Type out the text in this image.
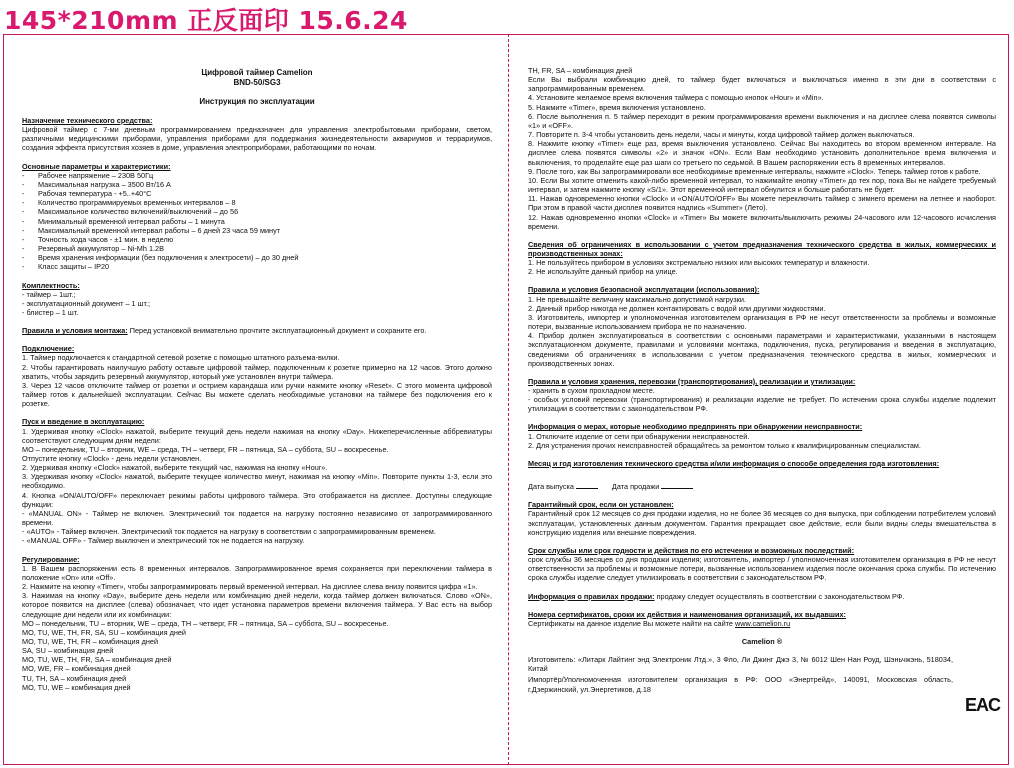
145*210mm 正反面印 15.6.24
Цифровой таймер Camelion
BND-50/SG3
Инструкция по эксплуатации
Назначение технического средства:
Цифровой таймер с 7-ми дневным программированием предназначен для управления электробытовыми приборами, светом, различными медицинскими приборами, управления приборами для поддержания жизнедеятельности аквариумов и террариумов, создания эффекта присутствия хозяев в доме, управления электроприборами, работающими по ночам.
Основные параметры и характеристики:
-	Рабочее напряжение – 230В 50Гц
-	Максимальная нагрузка – 3500 Вт/16 А
-	Рабочая температура - +5..+40°С
-	Количество программируемых временных интервалов – 8
-	Максимальное количество включений/выключений – до 56
-	Минимальный временной интервал работы – 1 минута
-	Максимальный временной интервал работы – 6 дней 23 часа 59 минут
-	Точность хода часов - ±1 мин. в неделю
-	Резервный аккумулятор – Ni-Mh 1.2В
-	Время хранения информации (без подключения к электросети) – до 30 дней
-	Класс защиты – IP20
Комплектность:
- таймер – 1шт.;
- эксплуатационный документ – 1 шт.;
- блистер – 1 шт.
Правила и условия монтажа: Перед установкой внимательно прочтите эксплуатационный документ и сохраните его.
Подключение:
1. Таймер подключается к стандартной сетевой розетке с помощью штатного разъема-вилки.
2. Чтобы гарантировать наилучшую работу оставьте цифровой таймер, подключенным к розетке примерно на 12 часов. Этого должно хватить, чтобы зарядить резервный аккумулятор, который уже установлен внутри таймера.
3. Через 12 часов отключите таймер от розетки и острием карандаша или ручки нажмите кнопку «Reset». С этого момента цифровой таймер готов к дальнейшей эксплуатации. Сейчас Вы можете сделать необходимые установки на таймере без подключения его к розетке.
Пуск и введение в эксплуатацию:
1. Удерживая кнопку «Clock» нажатой, выберите текущий день недели нажимая на кнопку «Day». Нижеперечисленные аббревиатуры соответствуют следующим дням недели:
MO – понедельник, TU – вторник, WE – среда, TH – четверг, FR – пятница, SA – суббота, SU – воскресенье.
Отпустите кнопку «Clock» - день недели установлен.
2. Удерживая кнопку «Clock» нажатой, выберите текущий час, нажимая на кнопку «Hour».
3. Удерживая кнопку «Clock» нажатой, выберите текущее количество минут, нажимая на кнопку «Min». Повторите пункты 1-3, если это необходимо.
4. Кнопка «ON/AUTO/OFF» переключает режимы работы цифрового таймера. Это отображается на дисплее. Доступны следующие функции:
- «MANUAL ON» - Таймер не включен. Электрический ток подается на нагрузку постоянно независимо от запрограммированного времени.
- «AUTO» - Таймер включен. Электрический ток подается на нагрузку в соответствии с запрограммированным временем.
- «MANUAL OFF» - Таймер выключен и электрический ток не подается на нагрузку.
Регулирование:
1. В Вашем распоряжении есть 8 временных интервалов. Запрограммированное время сохраняется при переключении таймера в положение «On» или «Off».
2. Нажмите на кнопку «Timer», чтобы запрограммировать первый временной интервал. На дисплее слева внизу появится цифра «1».
3. Нажимая на кнопку «Day», выберите день недели или комбинацию дней недели, когда таймер должен включаться. Слово «ON», которое появится на дисплее (слева) обозначает, что идет установка параметров времени включения таймера. У Вас есть на выбор следующие дни недели или их комбинации:
MO – понедельник, TU – вторник, WE – среда, TH – четверг, FR – пятница, SA – суббота, SU – воскресенье.
MO, TU, WE, TH, FR, SA, SU – комбинация дней
MO, TU, WE, TH, FR – комбинация дней
SA, SU – комбинация дней
MO, TU, WE, TH, FR, SA – комбинация дней
MO, WE, FR – комбинация дней
TU, TH, SA – комбинация дней
MO, TU, WE – комбинация дней
TH, FR, SA – комбинация дней
Если Вы выбрали комбинацию дней, то таймер будет включаться и выключаться именно в эти дни в соответствии с запрограммированным временем.
4. Установите желаемое время включения таймера с помощью кнопок «Hour» и «Min».
5. Нажмите «Timer», время включения установлено.
6. После выполнения п. 5 таймер переходит в режим программирования времени выключения и на дисплее слева появятся символы «1» и «OFF».
7. Повторите п. 3-4 чтобы установить день недели, часы и минуты, когда цифровой таймер должен выключаться.
8. Нажмите кнопку «Timer» еще раз, время выключения установлено. Сейчас Вы находитесь во втором временном интервале. На дисплее слева появятся символы «2» и значок «ON». Если Вам необходимо установить дополнительное время включения и выключения, то проделайте еще раз шаги со третьего по седьмой. В Вашем распоряжении есть 8 временных интервалов.
9. После того, как Вы запрограммировали все необходимые временные интервалы, нажмите «Clock». Теперь таймер готов к работе.
10. Если Вы хотите отменить какой-либо временной интервал, то нажимайте кнопку «Timer» до тех пор, пока Вы не найдете требуемый интервал, и затем нажмите кнопку «S/1». Этот временной интервал обнулится и больше работать не будет.
11. Нажав одновременно кнопки «Clock» и «ON/AUTO/OFF» Вы можете переключить таймер с зимнего времени на летнее и наоборот. При этом в правой части дисплея появится надпись «Summer» (Лето).
12. Нажав одновременно кнопки «Clock» и «Timer» Вы можете включить/выключить режимы 24-часового или 12-часового исчисления времени.
Сведения об ограничениях в использовании с учетом предназначения технического средства в жилых, коммерческих и производственных зонах:
1. Не пользуйтесь прибором в условиях экстремально низких или высоких температур и влажности.
2. Не используйте данный прибор на улице.
Правила и условия безопасной эксплуатации (использования):
1. Не превышайте величину максимально допустимой нагрузки.
2. Данный прибор никогда не должен контактировать с водой или другими жидкостями.
3. Изготовитель, импортер и уполномоченная изготовителем организация в РФ не несут ответственности за проблемы и возможные потери, вызванные использованием прибора не по назначению.
4. Прибор должен эксплуатироваться в соответствии с основными параметрами и характеристиками, указанными в настоящем эксплуатационном документе, правилами и условиями монтажа, подключения, пуска, регулирования и введения в эксплуатацию, сведениями об ограничениях в использовании с учетом предназначения технического средства в жилых, коммерческих и производственных зонах.
Правила и условия хранения, перевозки (транспортирования), реализации и утилизации:
- хранить в сухом прохладном месте.
- особых условий перевозки (транспортирования) и реализации изделие не требует. По истечении срока службы изделие подлежит утилизации в соответствии с законодательством РФ.
Информация о мерах, которые необходимо предпринять при обнаружении неисправности:
1. Отключите изделие от сети при обнаружении неисправностей.
2. Для устранения прочих неисправностей обращайтесь за ремонтом только к квалифицированным специалистам.
Месяц и год изготовления технического средства и/или информация о способе определения года изготовления:
Дата выпуска	Дата продажи
Гарантийный срок, если он установлен:
Гарантийный срок 12 месяцев со дня продажи изделия, но не более 36 месяцев со дня выпуска, при соблюдении потребителем условий эксплуатации, установленных данным документом. Гарантия прекращает свое действие, если были видны следы вмешательства в конструкцию изделия или внешние повреждения.
Срок службы или срок годности и действия по его истечении и возможных последствий:
срок службы 36 месяцев со дня продажи изделия; изготовитель, импортер / уполномоченная изготовителем организация в РФ не несут ответственности за проблемы и возможные потери, вызванные использованием изделия после окончания срока службы. По истечению срока службы изделие следует утилизировать в соответствии с законодательством РФ.
Информация о правилах продажи: продажу следует осуществлять в соответствии с законодательством РФ.
Номера сертификатов, сроки их действия и наименования организаций, их выдавших:
Сертификаты на данное изделие Вы можете найти на сайте www.camelion.ru
Camelion ®
Изготовитель: «Литарк Лайтинг энд Электроник Лтд.», 3 Фло, Ли Джинг Джэ 3, № 6012 Шен Нан Роуд, Шэньчжэнь, 518034, Китай
Импортёр/Уполномоченная изготовителем организация в РФ: ООО «Энертрейд», 140091, Московская область, г.Дзержинский, ул.Энергетиков, д.18
EAC
